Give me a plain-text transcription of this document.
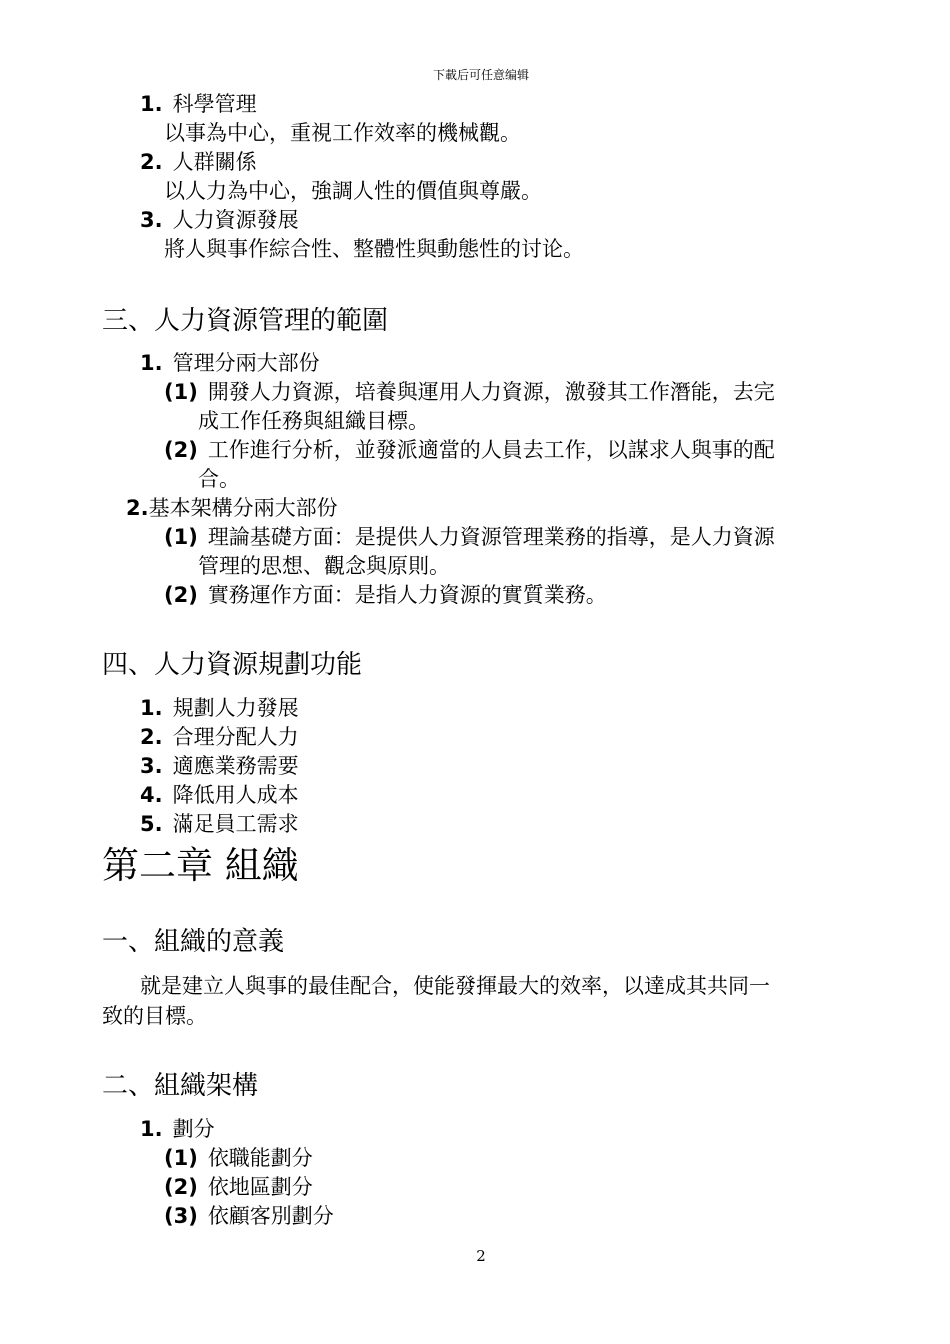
下載后可任意编辑
1. 科學管理
以事為中心，重視工作效率的機械觀。
2. 人群關係
以人力為中心，強調人性的價值與尊嚴。
3. 人力資源發展
將人與事作綜合性、整體性與動態性的讨论。
三、人力資源管理的範圍
1. 管理分兩大部份
(1) 開發人力資源，培養與運用人力資源，激發其工作潛能，去完
成工作任務與組織目標。
(2) 工作進行分析，並發派適當的人員去工作，以謀求人與事的配
合。
2.基本架構分兩大部份
(1) 理論基礎方面：是提供人力資源管理業務的指導，是人力資源
管理的思想、觀念與原則。
(2) 實務運作方面：是指人力資源的實質業務。
四、人力資源規劃功能
1. 規劃人力發展
2. 合理分配人力
3. 適應業務需要
4. 降低用人成本
5. 滿足員工需求
第二章 組織
一、組織的意義
就是建立人與事的最佳配合，使能發揮最大的效率，以達成其共同一
致的目標。
二、組織架構
1. 劃分
(1) 依職能劃分
(2) 依地區劃分
(3) 依顧客別劃分
2
